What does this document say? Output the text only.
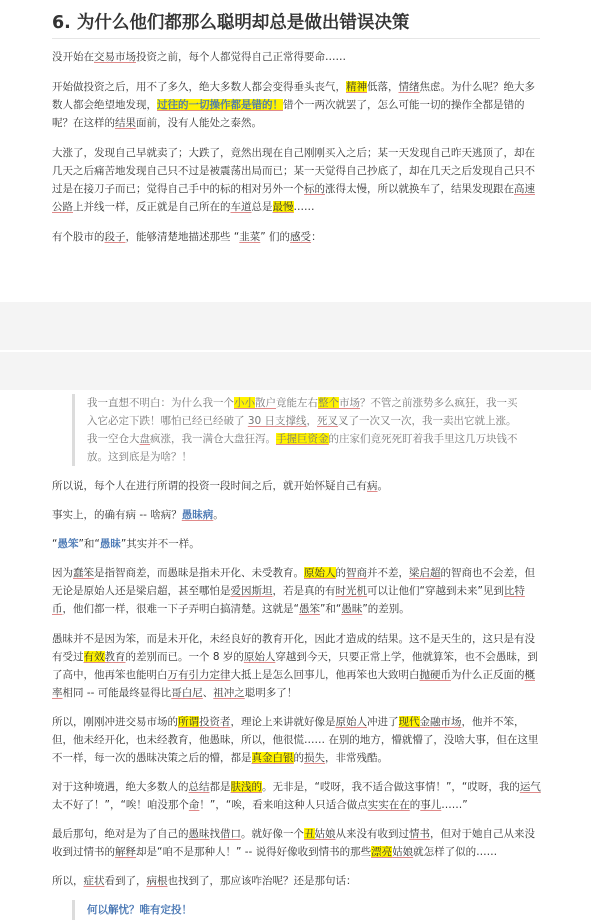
6. 为什么他们都那么聪明却总是做出错误决策

没开始在交易市场投资之前，每个人都觉得自己正常得要命……

开始做投资之后，用不了多久，绝大多数人都会变得垂头丧气，精神低落，情绪焦虑。为什么呢？绝大多数人都会绝望地发现，过往的一切操作都是错的！错个一两次就罢了，怎么可能一切的操作全都是错的呢？在这样的结果面前，没有人能处之泰然。

大涨了，发现自己早就卖了；大跌了，竟然出现在自己刚刚买入之后；某一天发现自己昨天逃顶了，却在几天之后痛苦地发现自己只不过是被震荡出局而已；某一天觉得自己抄底了，却在几天之后发现自己只不过是在接刀子而已；觉得自己手中的标的相对另外一个标的涨得太慢，所以就换车了，结果发现跟在高速公路上并线一样，反正就是自己所在的车道总是最慢……

有个股市的段子，能够清楚地描述那些 “韭菜” 们的感受：

我一直想不明白：为什么我一个小小散户竟能左右整个市场？不管之前涨势多么疯狂，我一买入它必定下跌！哪怕已经已经破了 30 日支撑线，死叉叉了一次又一次，我一卖出它就上涨。我一空仓大盘疯涨，我一满仓大盘狂泻。手握巨资金的庄家们竟死死盯着我手里这几万块钱不放。这到底是为啥？！

所以说，每个人在进行所谓的投资一段时间之后，就开始怀疑自己有病。

事实上，的确有病 -- 啥病？愚昧病。

“愚笨”和“愚昧”其实并不一样。

因为蠢笨是指智商差，而愚昧是指未开化、未受教育。原始人的智商并不差，梁启超的智商也不会差，但无论是原始人还是梁启超，甚至哪怕是爱因斯坦，若是真的有时光机可以让他们“穿越到未来”见到比特币，他们都一样，很难一下子弄明白搞清楚。这就是“愚笨”和“愚昧”的差别。

愚昧并不是因为笨，而是未开化，未经良好的教育开化，因此才造成的结果。这不是天生的，这只是有没有受过有效教育的差别而已。一个 8 岁的原始人穿越到今天，只要正常上学，他就算笨，也不会愚昧，到了高中，他再笨也能明白万有引力定律大抵上是怎么回事儿，他再笨也大致明白抛硬币为什么正反面的概率相同 -- 可能最终显得比哥白尼、祖冲之聪明多了！

所以，刚刚冲进交易市场的所谓投资者，理论上来讲就好像是原始人冲进了现代金融市场，他并不笨，但，他未经开化，也未经教育，他愚昧，所以，他很慌…… 在别的地方，懵就懵了，没啥大事，但在这里不一样，每一次的愚昧决策之后的懵，都是真金白银的损失，非常残酷。

对于这种境遇，绝大多数人的总结都是肤浅的。无非是，“哎呀，我不适合做这事情！”，“哎呀，我的运气太不好了！”，“唉！咱没那个命！”，“唉，看来咱这种人只适合做点实实在在的事儿……”

最后那句，绝对是为了自己的愚昧找借口。就好像一个丑姑娘从来没有收到过情书，但对于她自己从来没收到过情书的解释却是“咱不是那种人！” -- 说得好像收到情书的那些漂亮姑娘就怎样了似的……

所以，症状看到了，病根也找到了，那应该咋治呢？还是那句话：

何以解忧？唯有定投！
